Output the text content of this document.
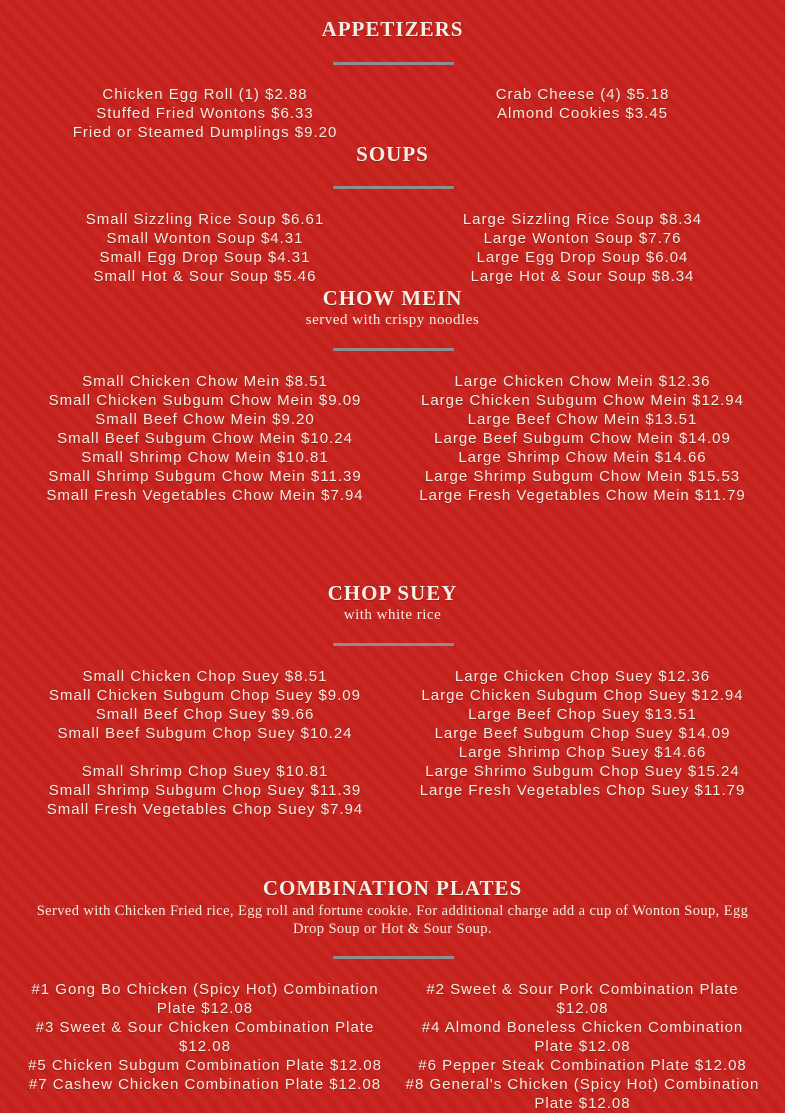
APPETIZERS
Chicken Egg Roll (1) $2.88
Stuffed Fried Wontons $6.33
Fried or Steamed Dumplings $9.20
Crab Cheese (4) $5.18
Almond Cookies $3.45
SOUPS
Small Sizzling Rice Soup $6.61
Small Wonton Soup $4.31
Small Egg Drop Soup $4.31
Small Hot & Sour Soup $5.46
Large Sizzling Rice Soup $8.34
Large Wonton Soup $7.76
Large Egg Drop Soup $6.04
Large Hot & Sour Soup $8.34
CHOW MEIN
served with crispy noodles
Small Chicken Chow Mein $8.51
Small Chicken Subgum Chow Mein $9.09
Small Beef Chow Mein $9.20
Small Beef Subgum Chow Mein $10.24
Small Shrimp Chow Mein $10.81
Small Shrimp Subgum Chow Mein $11.39
Small Fresh Vegetables Chow Mein $7.94
Large Chicken Chow Mein $12.36
Large Chicken Subgum Chow Mein $12.94
Large Beef Chow Mein $13.51
Large Beef Subgum Chow Mein $14.09
Large Shrimp Chow Mein $14.66
Large Shrimp Subgum Chow Mein $15.53
Large Fresh Vegetables Chow Mein $11.79
CHOP SUEY
with white rice
Small Chicken Chop Suey $8.51
Small Chicken Subgum Chop Suey $9.09
Small Beef Chop Suey $9.66
Small Beef Subgum Chop Suey $10.24
Small Shrimp Chop Suey $10.81
Small Shrimp Subgum Chop Suey $11.39
Small Fresh Vegetables Chop Suey $7.94
Large Chicken Chop Suey $12.36
Large Chicken Subgum Chop Suey $12.94
Large Beef Chop Suey $13.51
Large Beef Subgum Chop Suey $14.09
Large Shrimp Chop Suey $14.66
Large Shrimo Subgum Chop Suey $15.24
Large Fresh Vegetables Chop Suey $11.79
COMBINATION PLATES
Served with Chicken Fried rice, Egg roll and fortune cookie. For additional charge add a cup of Wonton Soup, Egg Drop Soup or Hot & Sour Soup.
#1 Gong Bo Chicken (Spicy Hot) Combination Plate $12.08
#3 Sweet & Sour Chicken Combination Plate $12.08
#5 Chicken Subgum Combination Plate $12.08
#7 Cashew Chicken Combination Plate $12.08
#2 Sweet & Sour Pork Combination Plate $12.08
#4 Almond Boneless Chicken Combination Plate $12.08
#6 Pepper Steak Combination Plate $12.08
#8 General's Chicken (Spicy Hot) Combination Plate $12.08
